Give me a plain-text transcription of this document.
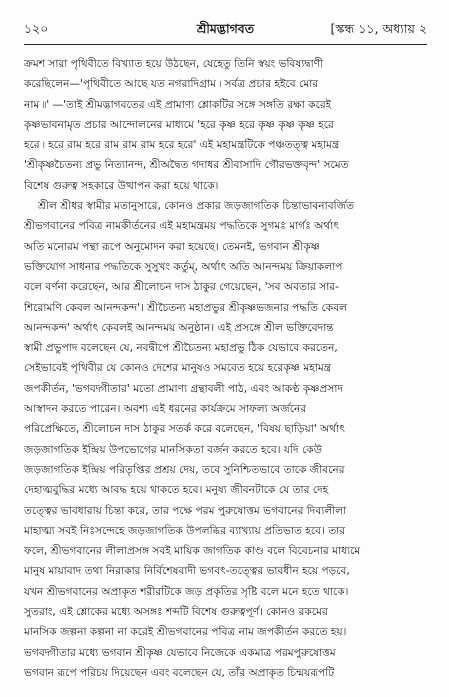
১২০	শ্রীমদ্ভাগবত	[স্কন্ধ ১১, অধ্যায় ২
ক্রমশ সারা পৃথিবীতে বিখ্যাত হয়ে উঠছেন, যেহেতু তিনি স্বয়ং ভবিষ্যদ্বাণী
করেছিলেন—'পৃথিবীতে আছে যত নগরাদিগ্রাম ৷ সর্বত্র প্রচার হইবে মোর
নাম ৷৷' —'তাই শ্রীমদ্ভাগবতের এই প্রামাণ্য শ্লোকটির সঙ্গে সঙ্গতি রক্ষা করেই
কৃষ্ণভাবনামৃত প্রচার আন্দোলনের মাধ্যমে 'হরে কৃষ্ণ হরে কৃষ্ণ কৃষ্ণ কৃষ্ণ হরে
হরে ৷ হরে রাম হরে রাম রাম রাম হরে হরে' এই মহামন্ত্রটিকে পঞ্চতত্ত্ব মহামন্ত্র
'শ্রীকৃষ্ণচৈতন্য প্রভু নিত্যানন্দ, শ্রীঅদ্বৈত গদাধর শ্রীবাসাদি গৌরভক্তবৃন্দ' সমেত
বিশেষ গুরুত্ব সহকারে উত্থাপন করা হয়ে থাকে।
শ্রীল শ্রীধর স্বামীর মতানুসারে, কোনও প্রকার জড়জাগতিক চিন্তাভাবনাবর্জিত
শ্রীভগবানের পবিত্র নামকীর্তনের এই মহামন্ত্রময় পদ্ধতিকে সুগমঃ মার্গঃ অর্থাৎ
অতি মনোরম পন্থা রূপে অনুমোদন করা হয়েছে। তেমনই, ভগবান শ্রীকৃষ্ণ
ভক্তিযোগ সাধনার পদ্ধতিকে সুসুখং কর্তুম্, অর্থাৎ অতি আনন্দময় ক্রিয়াকলাপ
বলে বর্ণনা করেছেন, আর শ্রীলোচন দাস ঠাকুর গেয়েছেন, 'সব অবতার সার-
শিরোমণি কেবল আনন্দকন্দ'। শ্রীচৈতন্য মহাপ্রভুর শ্রীকৃষ্ণভজনার পদ্ধতি কেবল
আনন্দকন্দ' অর্থাৎ কেবলই আনন্দময় অনুষ্ঠান। এই প্রসঙ্গে শ্রীল ভক্তিবেদান্ত
স্বামী প্রভুপাদ বলেছেন যে, নবদ্বীপে শ্রীচৈতন্য মহাপ্রভু ঠিক যেভাবে করতেন,
সেইভাবেই পৃথিবীর যে কোনও দেশের মানুষও সমবেত হয়ে হরেকৃষ্ণ মহামন্ত্র
জপকীর্তন, 'ভগবদ্গীতার' মতো প্রামাণ্য গ্রন্থাবলী পাঠ, এবং আকণ্ঠ কৃষ্ণপ্রসাদ
আস্বাদন করতে পারেন। অবশ্য এই ধরনের কার্যক্রমে সাফল্য অর্জনের
পরিপ্রেক্ষিতে, শ্রীলোচন দাস ঠাকুর সতর্ক করে বলেছেন, 'বিষয় ছাড়িয়া' অর্থাৎ
জড়জাগতিক ইন্দ্রিয় উপভোগের মানসিকতা বর্জন করতে হবে। যদি কেউ
জড়জাগতিক ইন্দ্রিয় পরিতৃপ্তির প্রশ্রয় দেয়, তবে সুনিশ্চিতভাবে তাকে জীবনের
দেহাত্মবুদ্ধির মধ্যে আবদ্ধ হয়ে থাকতে হবে। মনুষ্য জীবনটাকে যে তার দেহ
তত্ত্বের ভাবধারায় চিন্তা করে, তার পক্ষে পরম পুরুষোত্তম ভগবানের দিব্যলীলা
মাহাত্ম্য সবই নিঃসন্দেহে জড়জাগতিক উপলব্ধির ব্যাখ্যায় প্রতিভাত হবে। তার
ফলে, শ্রীভগবানের লীলাপ্রসঙ্গ সবই মায়িক জাগতিক কাণ্ড বলে বিবেচনার মাধ্যমে
মানুষ মায়াবাদ তথা নিরাকার নির্বিশেষবাদী ভগবৎ-তত্ত্বের ভাবধীন হয়ে পড়বে,
যখন শ্রীভগবানের অপ্রাকৃত শরীরটিকে জড় প্রকৃতির সৃষ্টি বলে মনে হতে থাকে।
সুতরাং, এই শ্লোকের মধ্যে অসঙ্গঃ শব্দটি বিশেষ গুরুত্বপূর্ণ। কোনও রকমের
মানসিক জল্পনা কল্পনা না করেই শ্রীভগবানের পবিত্র নাম জপকীর্তন করতে হয়।
ভগবদ্গীতার মধ্যে ভগবান শ্রীকৃষ্ণ যেভাবে নিজেকে একমাত্র পরমপুরুষোত্তম
ভগবান রূপে পরিচয় দিয়েছেন এবং বলেছেন যে, তাঁর অপ্রাকৃত চিন্ময়রূপটি
